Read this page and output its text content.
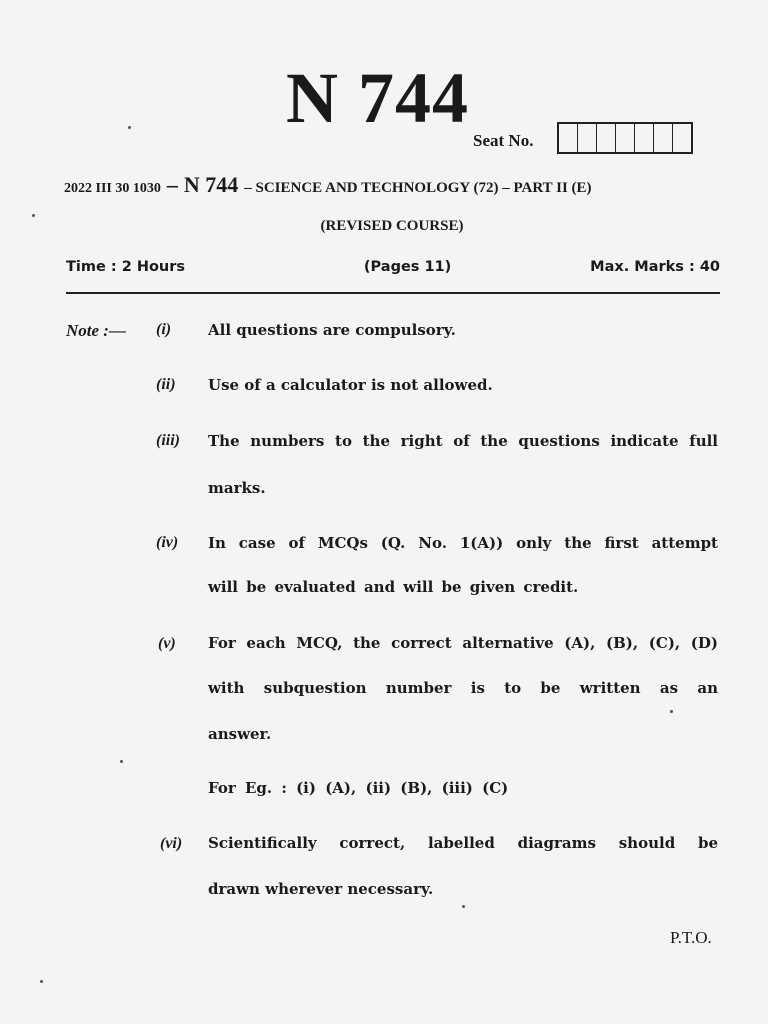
N 744
Seat No.
2022 III 30 1030 – N 744 – SCIENCE AND TECHNOLOGY (72) – PART II (E)
(REVISED COURSE)
Time : 2 Hours	(Pages 11)	Max. Marks : 40
Note :— (i) All questions are compulsory.
(ii) Use of a calculator is not allowed.
(iii) The numbers to the right of the questions indicate full
marks.
(iv) In case of MCQs (Q. No. 1(A)) only the first attempt
will be evaluated and will be given credit.
(v) For each MCQ, the correct alternative (A), (B), (C), (D)
with subquestion number is to be written as an
answer.
For Eg. : (i) (A), (ii) (B), (iii) (C)
(vi) Scientifically correct, labelled diagrams should be
drawn wherever necessary.
P.T.O.
